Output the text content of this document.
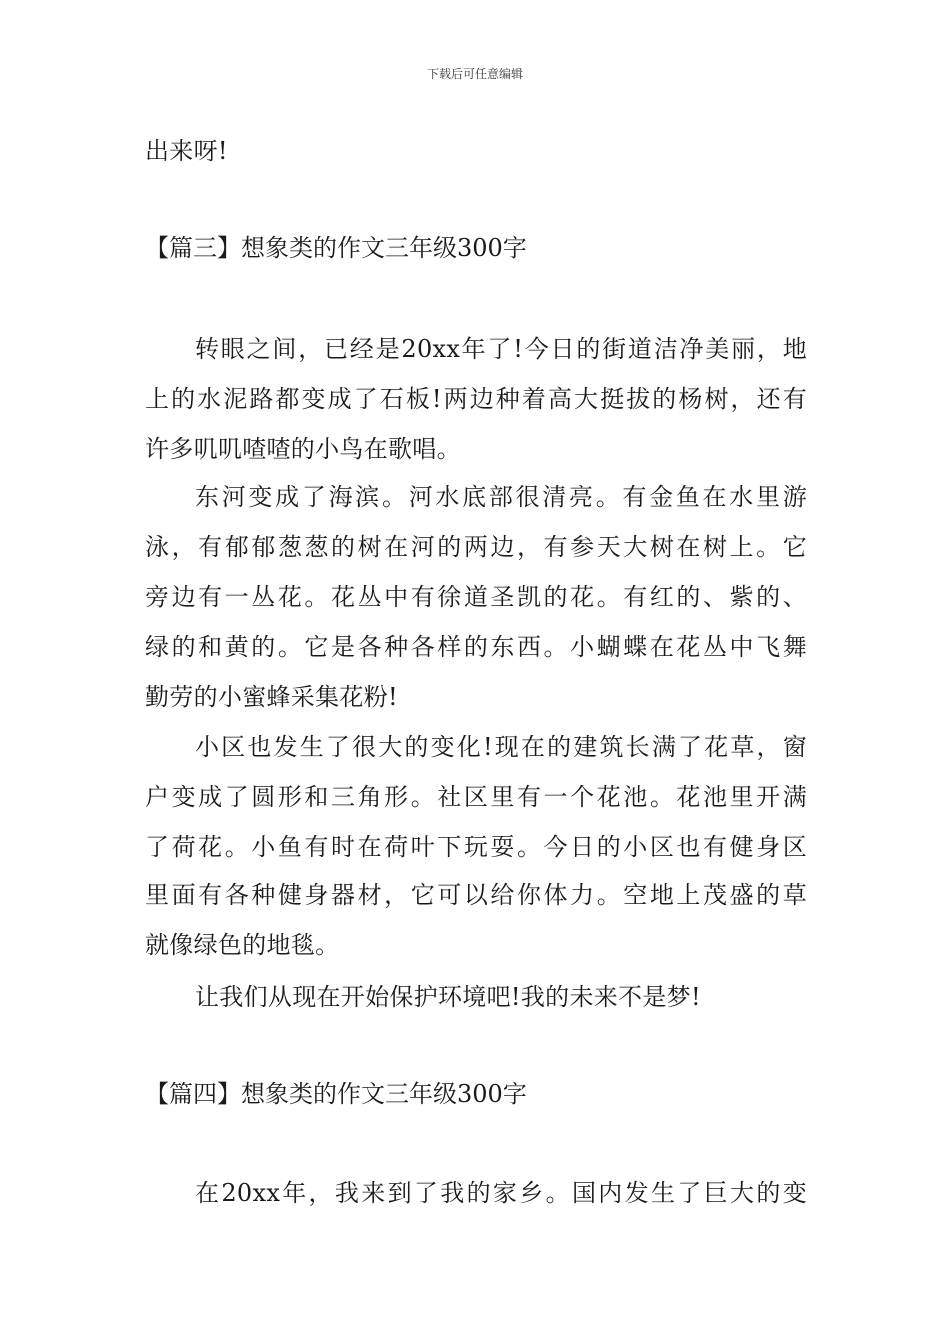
下载后可任意编辑

出来呀!

【篇三】想象类的作文三年级300字

转眼之间，已经是20xx年了!今日的街道洁净美丽，地

上的水泥路都变成了石板!两边种着高大挺拔的杨树，还有

许多叽叽喳喳的小鸟在歌唱。

东河变成了海滨。河水底部很清亮。有金鱼在水里游

泳，有郁郁葱葱的树在河的两边，有参天大树在树上。它

旁边有一丛花。花丛中有徐道圣凯的花。有红的、紫的、

绿的和黄的。它是各种各样的东西。小蝴蝶在花丛中飞舞

勤劳的小蜜蜂采集花粉!

小区也发生了很大的变化!现在的建筑长满了花草，窗

户变成了圆形和三角形。社区里有一个花池。花池里开满

了荷花。小鱼有时在荷叶下玩耍。今日的小区也有健身区

里面有各种健身器材，它可以给你体力。空地上茂盛的草

就像绿色的地毯。

让我们从现在开始保护环境吧!我的未来不是梦!

【篇四】想象类的作文三年级300字

在20xx年，我来到了我的家乡。国内发生了巨大的变
